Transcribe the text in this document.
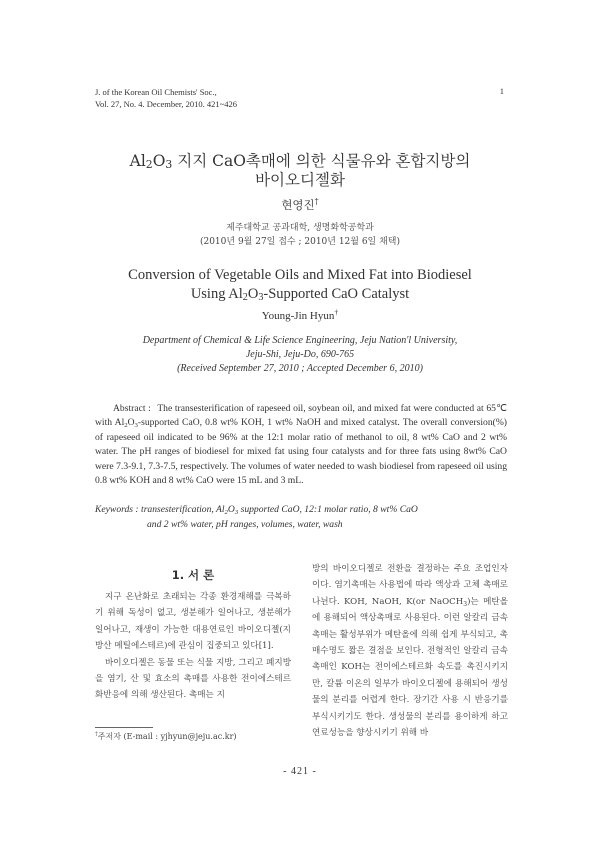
J. of the Korean Oil Chemists' Soc.,
Vol. 27, No. 4. December, 2010. 421~426
1
$Al_2O_3$ 지지 CaO촉매에 의한 식물유와 혼합지방의
바이오디젤화
현영진†
제주대학교 공과대학, 생명화학공학과
(2010년 9월 27일 접수 ; 2010년 12월 6일 채택)
Conversion of Vegetable Oils and Mixed Fat into Biodiesel
Using $Al_2O_3$-Supported CaO Catalyst
Young-Jin Hyun†
Department of Chemical & Life Science Engineering, Jeju Nation'l University,
Jeju-Shi, Jeju-Do, 690-765
(Received September 27, 2010 ; Accepted December 6, 2010)
Abstract : The transesterification of rapeseed oil, soybean oil, and mixed fat were conducted at 65℃ with $Al_2O_3$-supported CaO, 0.8 wt% KOH, 1 wt% NaOH and mixed catalyst. The overall conversion(%) of rapeseed oil indicated to be 96% at the 12:1 molar ratio of methanol to oil, 8 wt% CaO and 2 wt% water. The pH ranges of biodiesel for mixed fat using four catalysts and for three fats using 8wt% CaO were 7.3-9.1, 7.3-7.5, respectively. The volumes of water needed to wash biodiesel from rapeseed oil using 0.8 wt% KOH and 8 wt% CaO were 15 mL and 3 mL.
Keywords : transesterification, $Al_2O_3$ supported CaO, 12:1 molar ratio, 8 wt% CaO
and 2 wt% water, pH ranges, volumes, water, wash
1. 서 론

지구 온난화로 초래되는 각종 환경재해를 극복하기 위해 독성이 없고, 생분해가 일어나고, 생분해가 일어나고, 재생이 가능한 대용연료인 바이오디젤(지방산 메틸에스테르)에 관심이 집중되고 있다[1].

바이오디젤은 동물 또는 식물 지방, 그리고 폐지방을 염기, 산 및 효소의 촉매를 사용한 전이에스테르화반응에 의해 생산된다. 촉매는 지

방의 바이오디젤로 전환을 결정하는 주요 조업인자이다. 염기촉매는 사용법에 따라 액상과 고체 촉매로 나뉜다. KOH, NaOH, K(or NaOCH$_3$)는 메탄올에 용해되어 액상촉매로 사용된다. 이런 알칼리 금속 촉매는 활성부위가 메탄올에 의해 쉽게 부식되고, 촉매수명도 짧은 결점을 보인다. 전형적인 알칼리 금속 촉매인 KOH는 전이에스테르화 속도를 촉진시키지만, 칼륨 이온의 일부가 바이오디젤에 용해되어 생성물의 분리를 어렵게 한다. 장기간 사용 시 반응기를 부식시키기도 한다. 생성물의 분리를 용이하게 하고 연료성능을 향상시키기 위해 바
†주저자 (E-mail : yjhyun@jeju.ac.kr)
- 421 -
